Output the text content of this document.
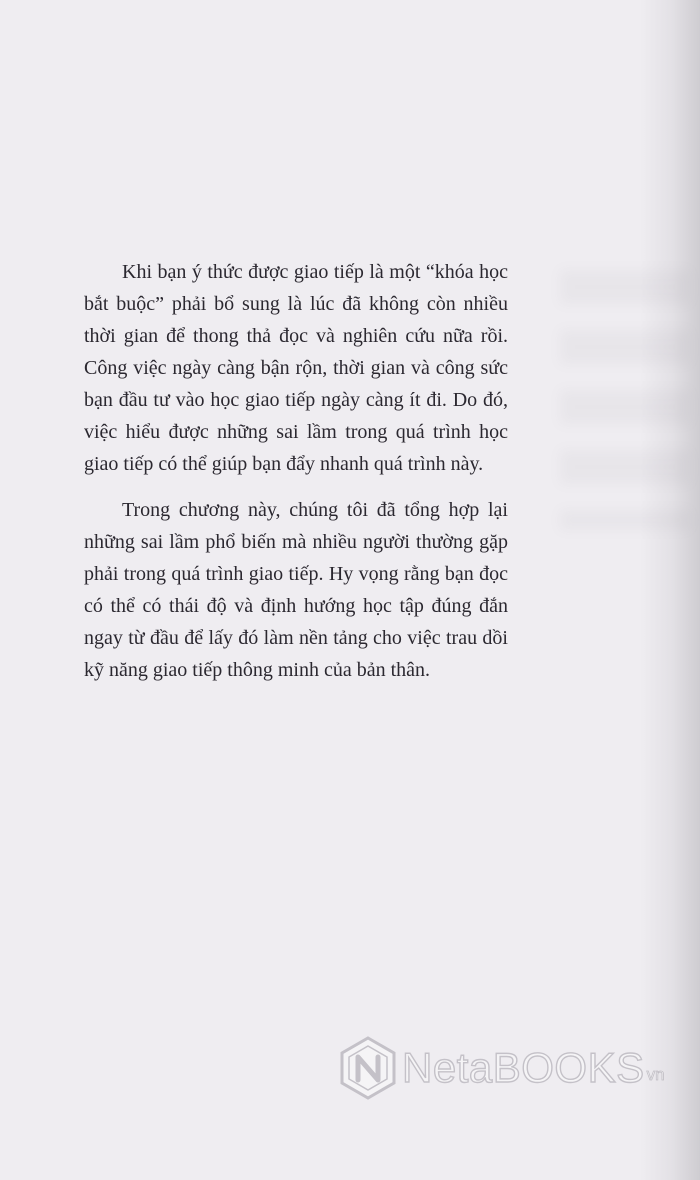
Khi bạn ý thức được giao tiếp là một “khóa học bắt buộc” phải bổ sung là lúc đã không còn nhiều thời gian để thong thả đọc và nghiên cứu nữa rồi. Công việc ngày càng bận rộn, thời gian và công sức bạn đầu tư vào học giao tiếp ngày càng ít đi. Do đó, việc hiểu được những sai lầm trong quá trình học giao tiếp có thể giúp bạn đẩy nhanh quá trình này.

Trong chương này, chúng tôi đã tổng hợp lại những sai lầm phổ biến mà nhiều người thường gặp phải trong quá trình giao tiếp. Hy vọng rằng bạn đọc có thể có thái độ và định hướng học tập đúng đắn ngay từ đầu để lấy đó làm nền tảng cho việc trau dồi kỹ năng giao tiếp thông minh của bản thân.

NetaBOOKS vn
